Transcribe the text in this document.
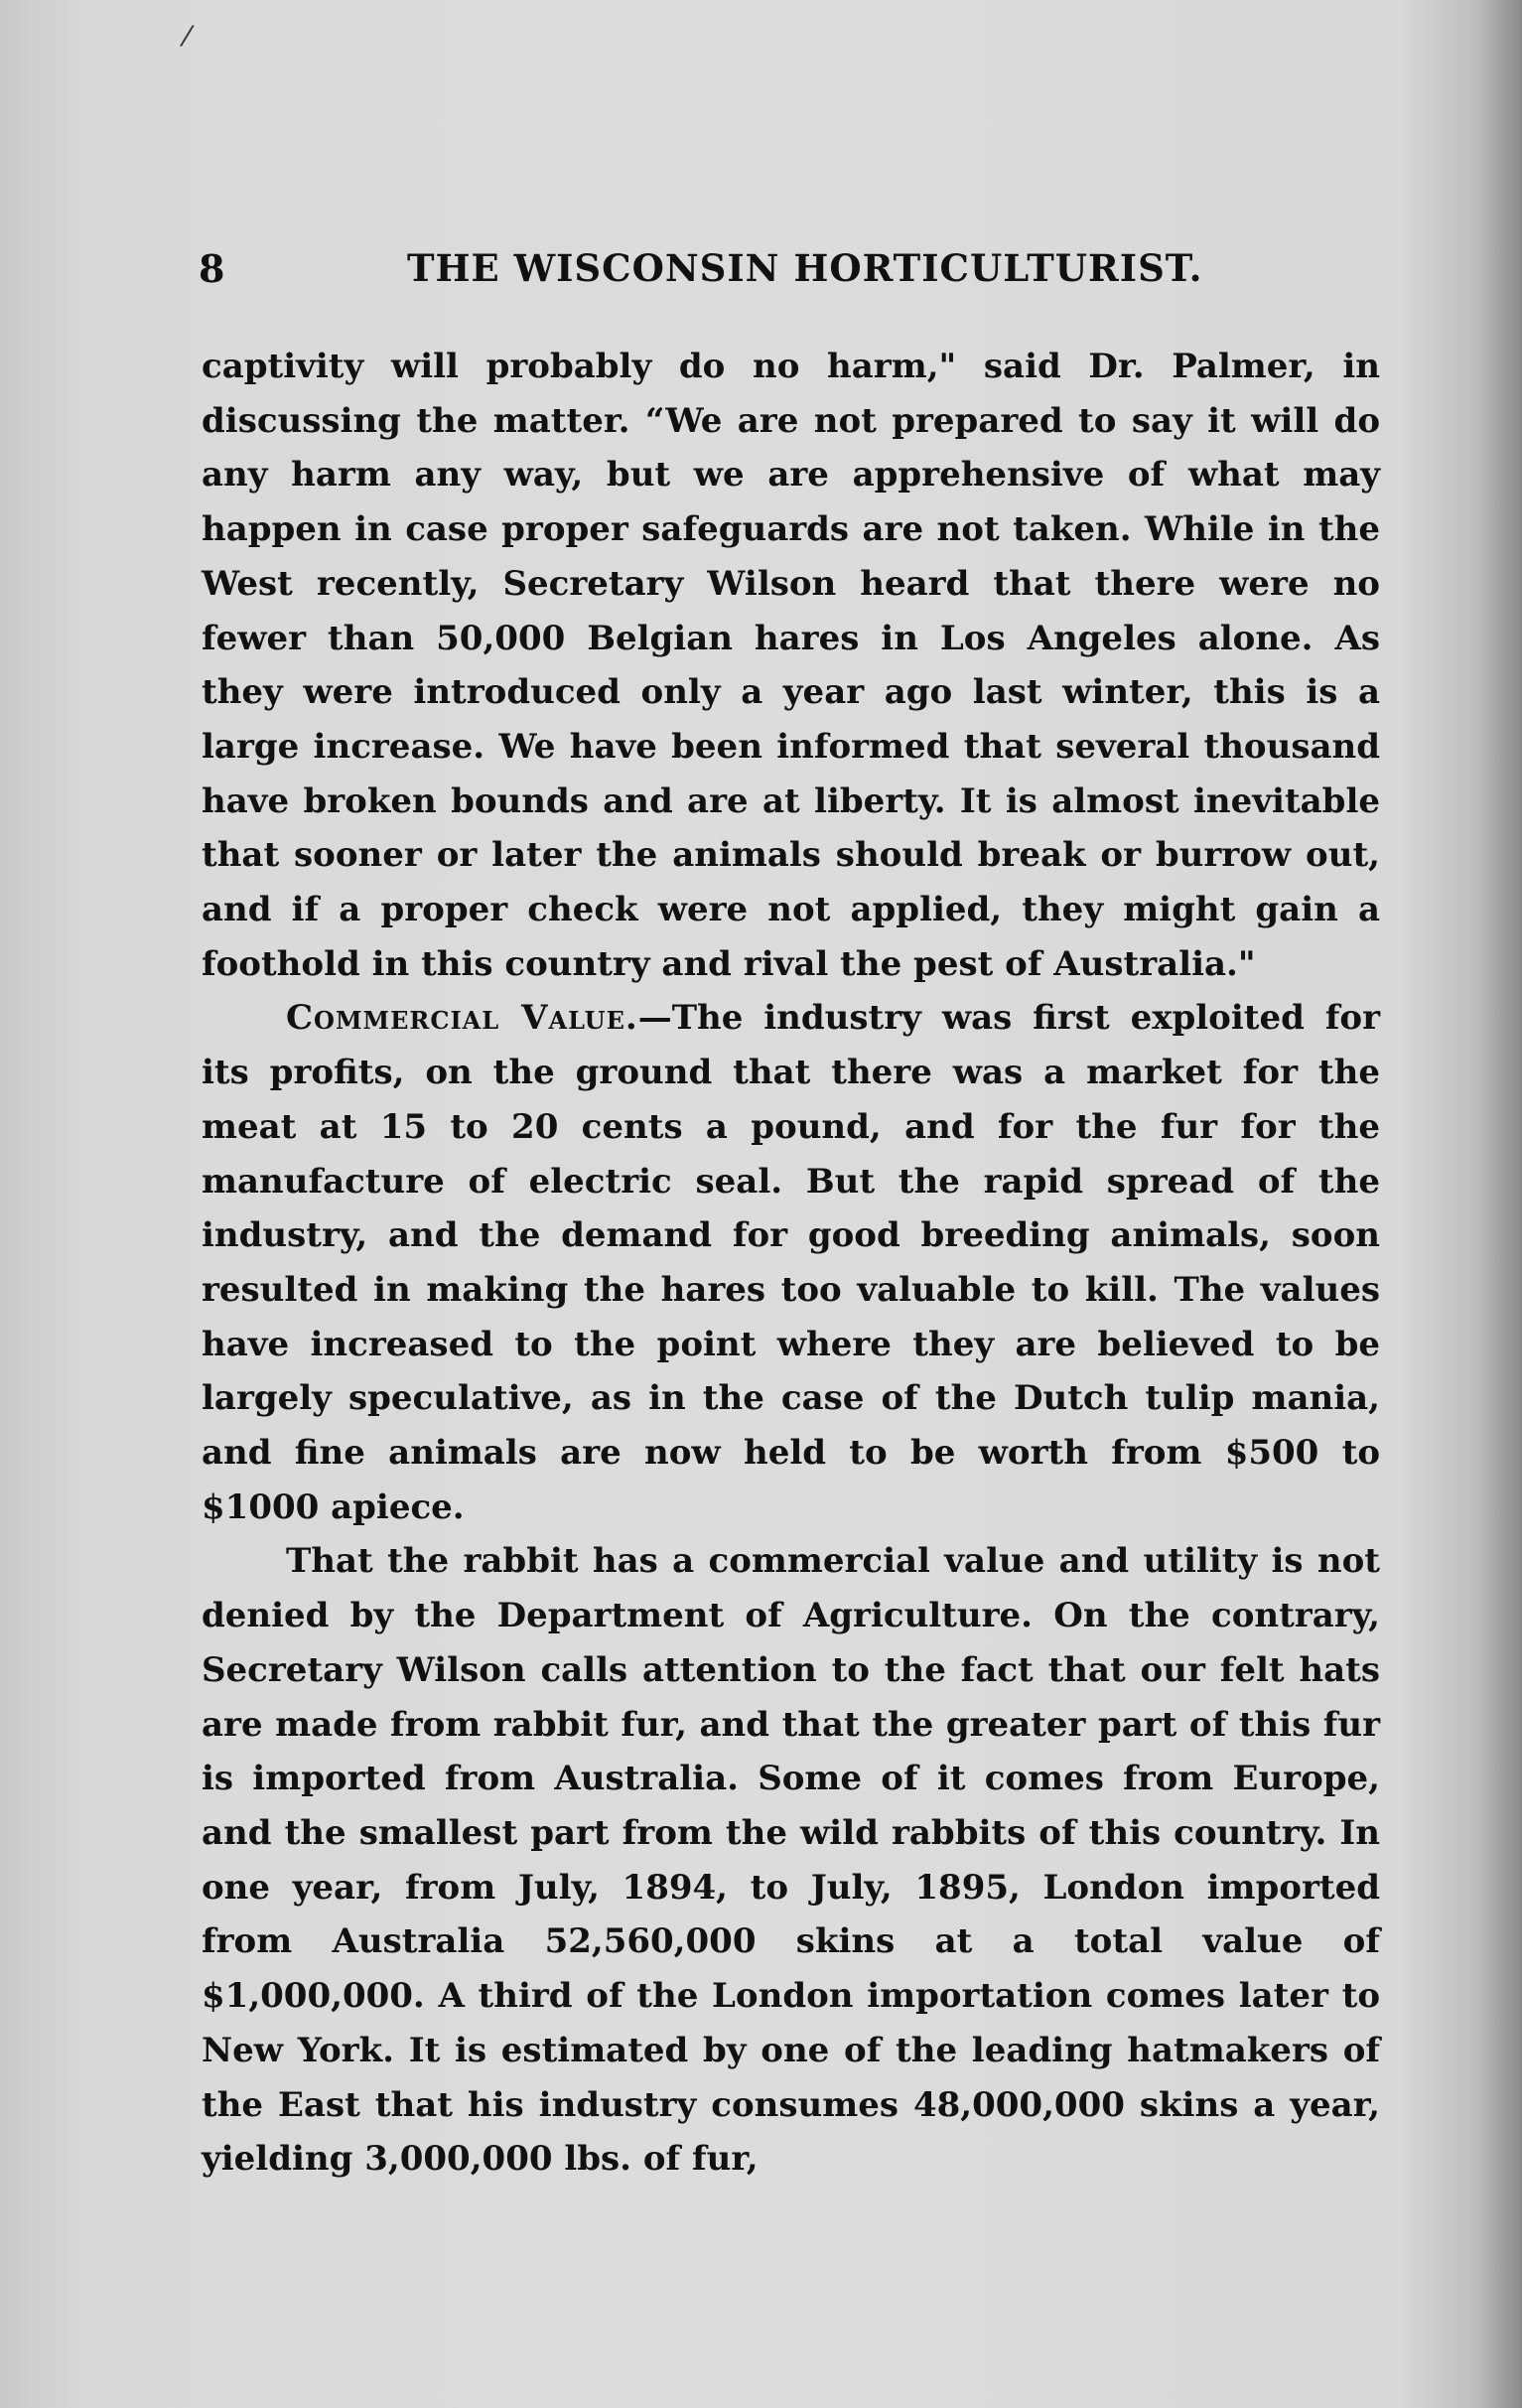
⁄
8	THE WISCONSIN HORTICULTURIST.

captivity will probably do no harm," said Dr. Palmer, in discussing the matter. “We are not prepared to say it will do any harm any way, but we are apprehensive of what may happen in case proper safeguards are not taken. While in the West recently, Secretary Wilson heard that there were no fewer than 50,000 Belgian hares in Los Angeles alone. As they were introduced only a year ago last winter, this is a large increase. We have been informed that several thousand have broken bounds and are at liberty. It is almost inevitable that sooner or later the animals should break or burrow out, and if a proper check were not applied, they might gain a foothold in this country and rival the pest of Australia."

Commercial Value.—The industry was first exploited for its profits, on the ground that there was a market for the meat at 15 to 20 cents a pound, and for the fur for the manufacture of electric seal. But the rapid spread of the industry, and the demand for good breeding animals, soon resulted in making the hares too valuable to kill. The values have increased to the point where they are believed to be largely speculative, as in the case of the Dutch tulip mania, and fine animals are now held to be worth from $500 to $1000 apiece.

That the rabbit has a commercial value and utility is not denied by the Department of Agriculture. On the contrary, Secretary Wilson calls attention to the fact that our felt hats are made from rabbit fur, and that the greater part of this fur is imported from Australia. Some of it comes from Europe, and the smallest part from the wild rabbits of this country. In one year, from July, 1894, to July, 1895, London imported from Australia 52,560,000 skins at a total value of $1,000,000. A third of the London importation comes later to New York. It is estimated by one of the leading hatmakers of the East that his industry consumes 48,000,000 skins a year, yielding 3,000,000 lbs. of fur,
